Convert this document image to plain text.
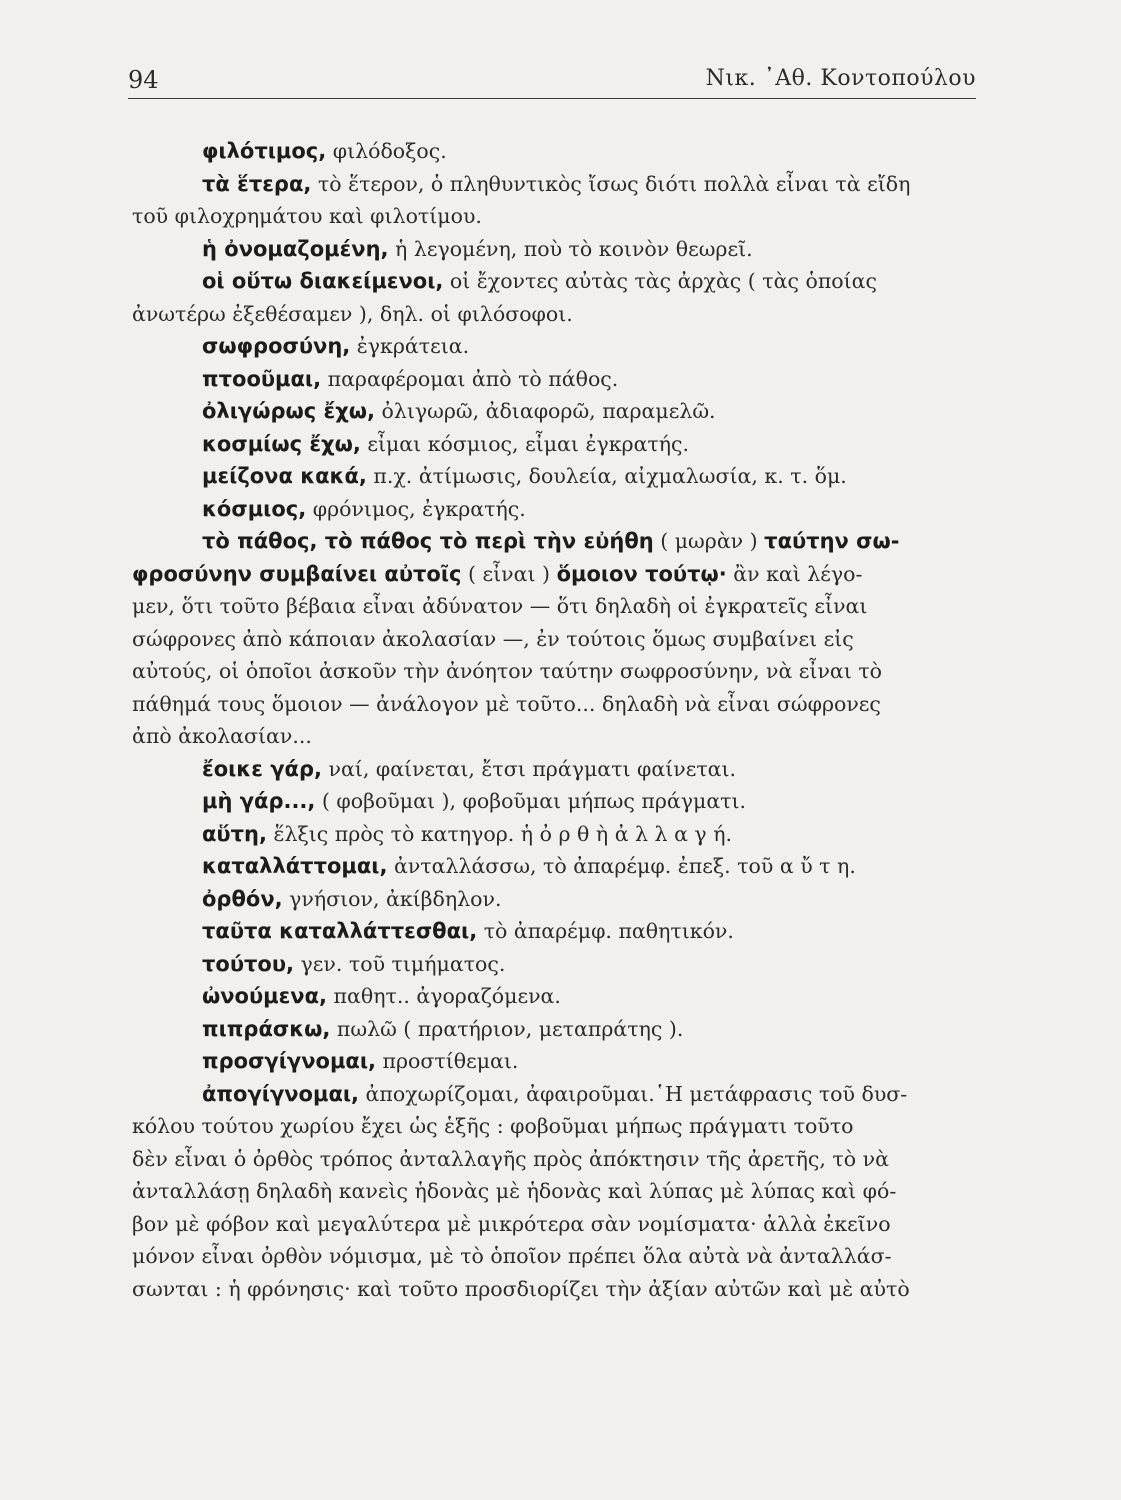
94	Νικ. ᾿Αθ. Κοντοπούλου
φιλότιμος, φιλόδοξος.
τὰ ἕτερα, τὸ ἕτερον, ὁ πληθυντικὸς ἴσως διότι πολλὰ εἶναι τὰ εἴδη
τοῦ φιλοχρημάτου καὶ φιλοτίμου.
ἡ ὀνομαζομένη, ἡ λεγομένη, ποὺ τὸ κοινὸν θεωρεῖ.
οἱ οὕτω διακείμενοι, οἱ ἔχοντες αὐτὰς τὰς ἀρχὰς ( τὰς ὁποίας
ἀνωτέρω ἐξεθέσαμεν ), δηλ. οἱ φιλόσοφοι.
σωφροσύνη, ἐγκράτεια.
πτοοῦμαι, παραφέρομαι ἀπὸ τὸ πάθος.
ὀλιγώρως ἔχω, ὀλιγωρῶ, ἀδιαφορῶ, παραμελῶ.
κοσμίως ἔχω, εἶμαι κόσμιος, εἶμαι ἐγκρατής.
μείζονα κακά, π.χ. ἀτίμωσις, δουλεία, αἰχμαλωσία, κ. τ. ὅμ.
κόσμιος, φρόνιμος, ἐγκρατής.
τὸ πάθος, τὸ πάθος τὸ περὶ τὴν εὐήθη ( μωρὰν ) ταύτην σω-
φροσύνην συμβαίνει αὐτοῖς ( εἶναι ) ὅμοιον τούτῳ· ἂν καὶ λέγο-
μεν, ὅτι τοῦτο βέβαια εἶναι ἀδύνατον — ὅτι δηλαδὴ οἱ ἐγκρατεῖς εἶναι
σώφρονες ἀπὸ κάποιαν ἀκολασίαν —, ἐν τούτοις ὅμως συμβαίνει εἰς
αὐτούς, οἱ ὁποῖοι ἀσκοῦν τὴν ἀνόητον ταύτην σωφροσύνην, νὰ εἶναι τὸ
πάθημά τους ὅμοιον — ἀνάλογον μὲ τοῦτο... δηλαδὴ νὰ εἶναι σώφρονες
ἀπὸ ἀκολασίαν...
ἔοικε γάρ, ναί, φαίνεται, ἔτσι πράγματι φαίνεται.
μὴ γάρ..., ( φοβοῦμαι ), φοβοῦμαι μήπως πράγματι.
αὕτη, ἕλξις πρὸς τὸ κατηγορ. ἡ ὀ ρ θ ὴ ἀ λ λ α γ ή.
καταλλάττομαι, ἀνταλλάσσω, τὸ ἀπαρέμφ. ἐπεξ. τοῦ α ὔ τ η.
ὀρθόν, γνήσιον, ἀκίβδηλον.
ταῦτα καταλλάττεσθαι, τὸ ἀπαρέμφ. παθητικόν.
τούτου, γεν. τοῦ τιμήματος.
ὠνούμενα, παθητ.. ἀγοραζόμενα.
πιπράσκω, πωλῶ ( πρατήριον, μεταπράτης ).
προσγίγνομαι, προστίθεμαι.
ἀπογίγνομαι, ἀποχωρίζομαι, ἀφαιροῦμαι.῾Η μετάφρασις τοῦ δυσ-
κόλου τούτου χωρίου ἔχει ὡς ἑξῆς : φοβοῦμαι μήπως πράγματι τοῦτο
δὲν εἶναι ὁ ὀρθὸς τρόπος ἀνταλλαγῆς πρὸς ἀπόκτησιν τῆς ἀρετῆς, τὸ νὰ
ἀνταλλάσῃ δηλαδὴ κανεὶς ἡδονὰς μὲ ἡδονὰς καὶ λύπας μὲ λύπας καὶ φό-
βον μὲ φόβον καὶ μεγαλύτερα μὲ μικρότερα σὰν νομίσματα· ἀλλὰ ἐκεῖνο
μόνον εἶναι ὀρθὸν νόμισμα, μὲ τὸ ὁποῖον πρέπει ὅλα αὐτὰ νὰ ἀνταλλάσ-
σωνται : ἡ φρόνησις· καὶ τοῦτο προσδιορίζει τὴν ἀξίαν αὐτῶν καὶ μὲ αὐτὸ
